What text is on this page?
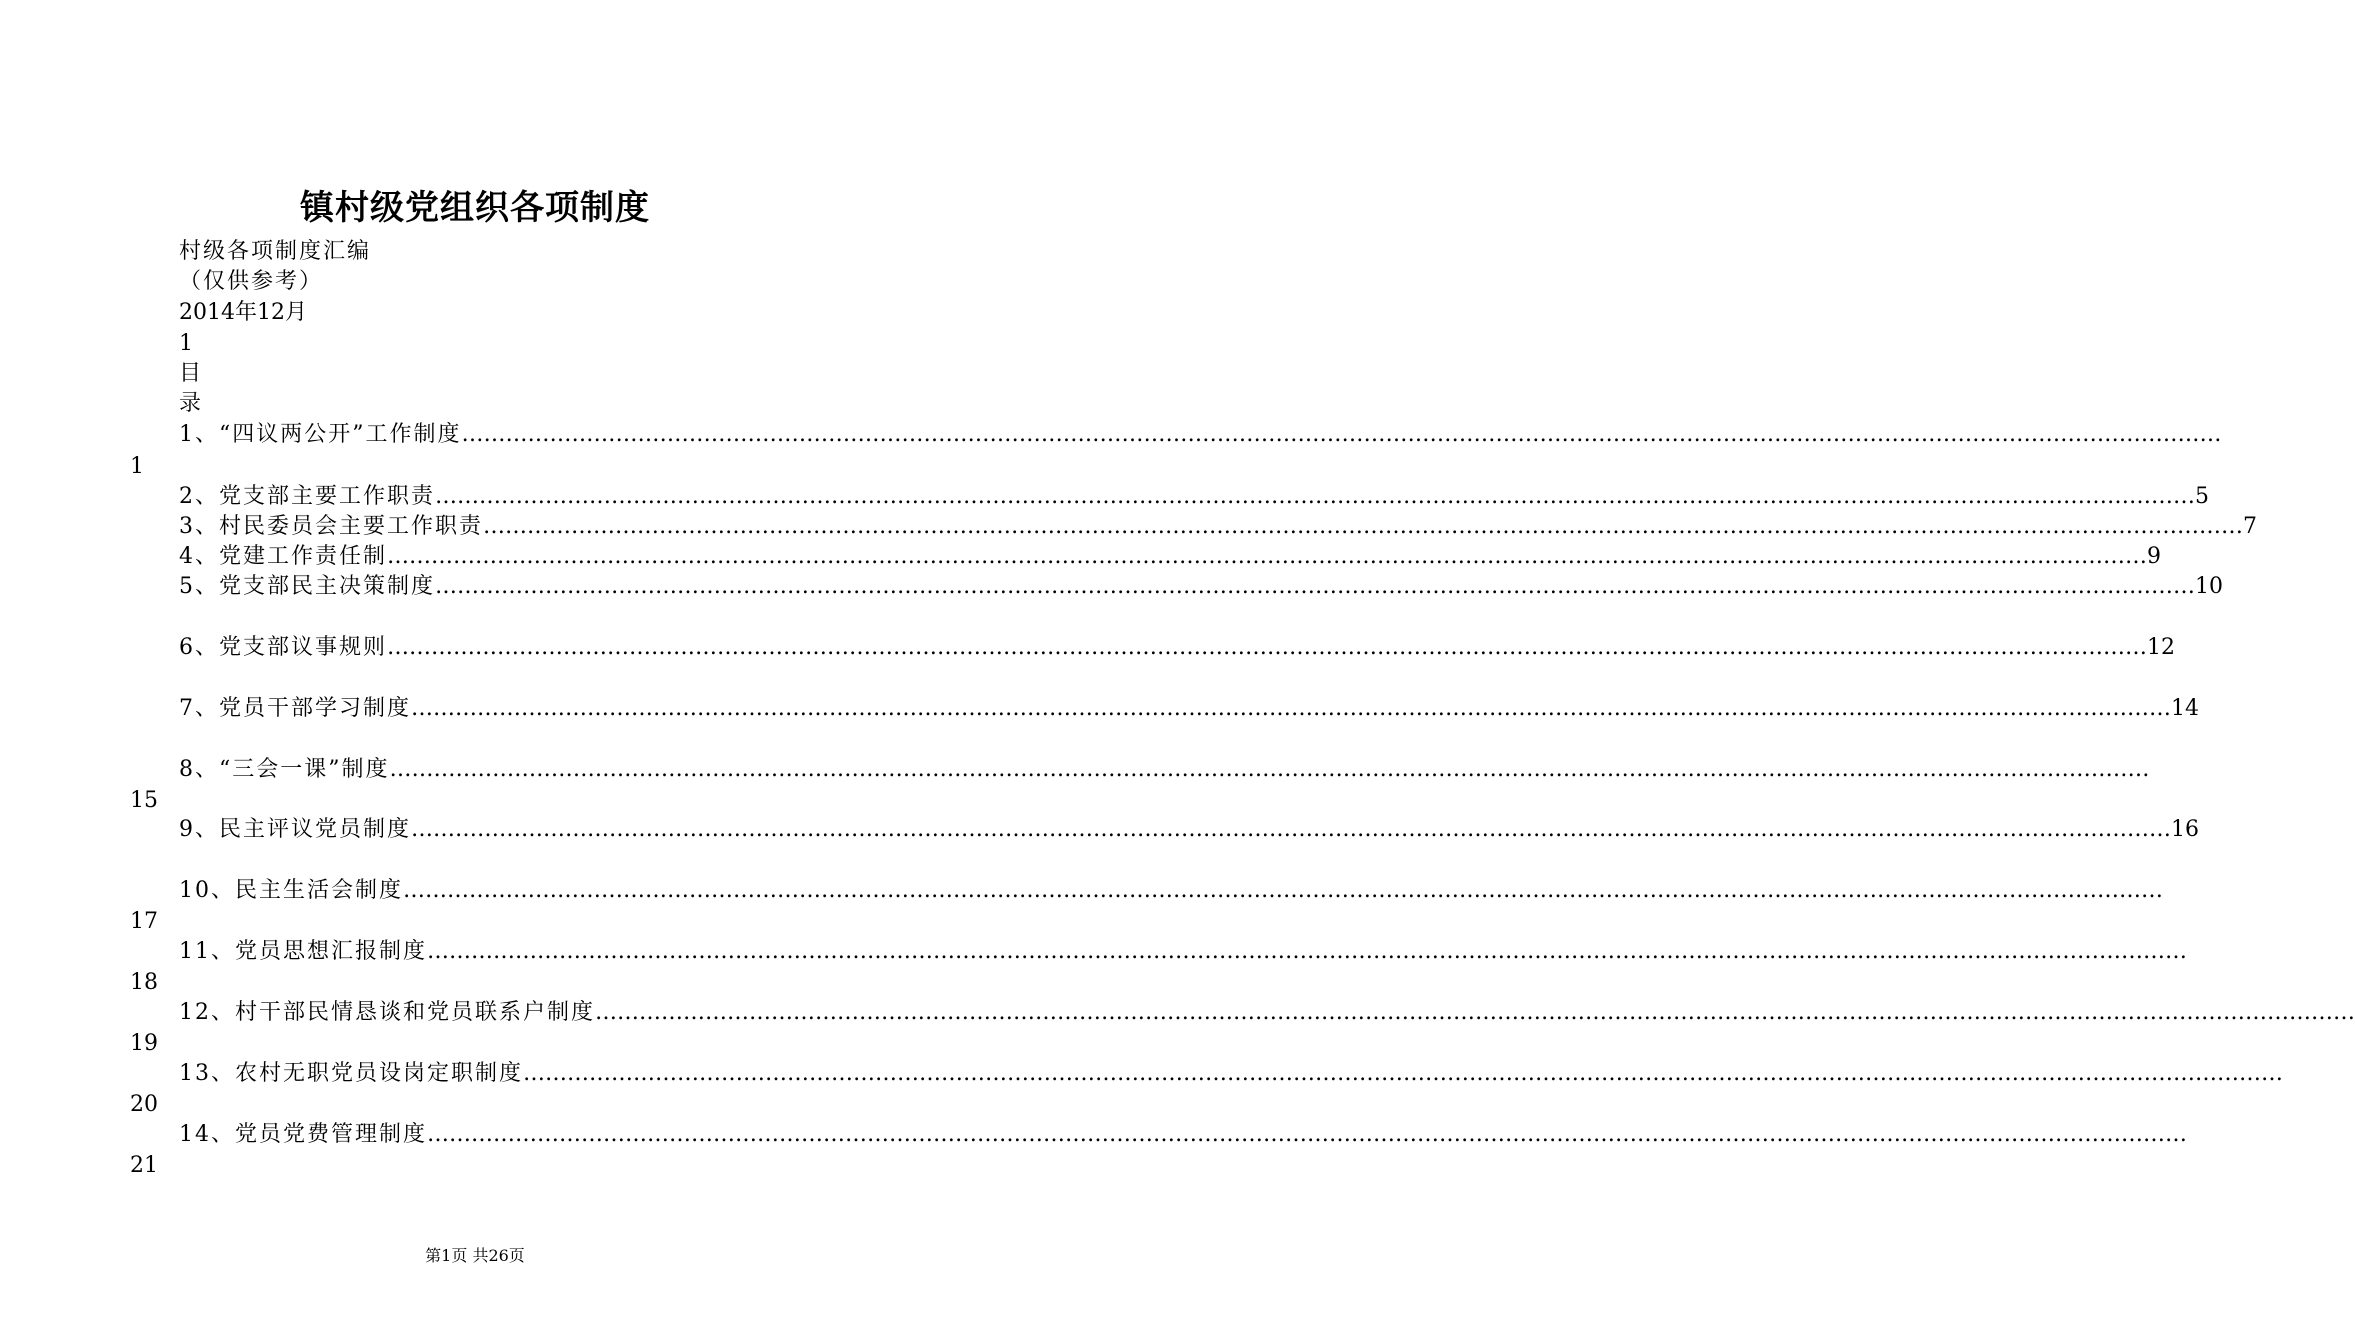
镇村级党组织各项制度
村级各项制度汇编
（仅供参考）
2014年12月
1
目
录
1、“四议两公开”工作制度 ……………………………………………………………………………………………………………………………………………………………………………………………………………………
1
2、党支部主要工作职责 …………………………………………………………………………………………………………………………………………………………………………………………………………………… 5
3、村民委员会主要工作职责 …………………………………………………………………………………………………………………………………………………………………………………………………………………… 7
4、党建工作责任制 …………………………………………………………………………………………………………………………………………………………………………………………………………………… 9
5、党支部民主决策制度 …………………………………………………………………………………………………………………………………………………………………………………………………………………… 10
6、党支部议事规则 …………………………………………………………………………………………………………………………………………………………………………………………………………………… 12
7、党员干部学习制度 …………………………………………………………………………………………………………………………………………………………………………………………………………………… 14
8、“三会一课”制度 ……………………………………………………………………………………………………………………………………………………………………………………………………………………
15
9、民主评议党员制度 …………………………………………………………………………………………………………………………………………………………………………………………………………………… 16
10、民主生活会制度 ……………………………………………………………………………………………………………………………………………………………………………………………………………………
17
11、党员思想汇报制度 ……………………………………………………………………………………………………………………………………………………………………………………………………………………
18
12、村干部民情恳谈和党员联系户制度 ……………………………………………………………………………………………………………………………………………………………………………………………………………………
19
13、农村无职党员设岗定职制度 ……………………………………………………………………………………………………………………………………………………………………………………………………………………
20
14、党员党费管理制度 ……………………………………………………………………………………………………………………………………………………………………………………………………………………
21
第1页 共26页
